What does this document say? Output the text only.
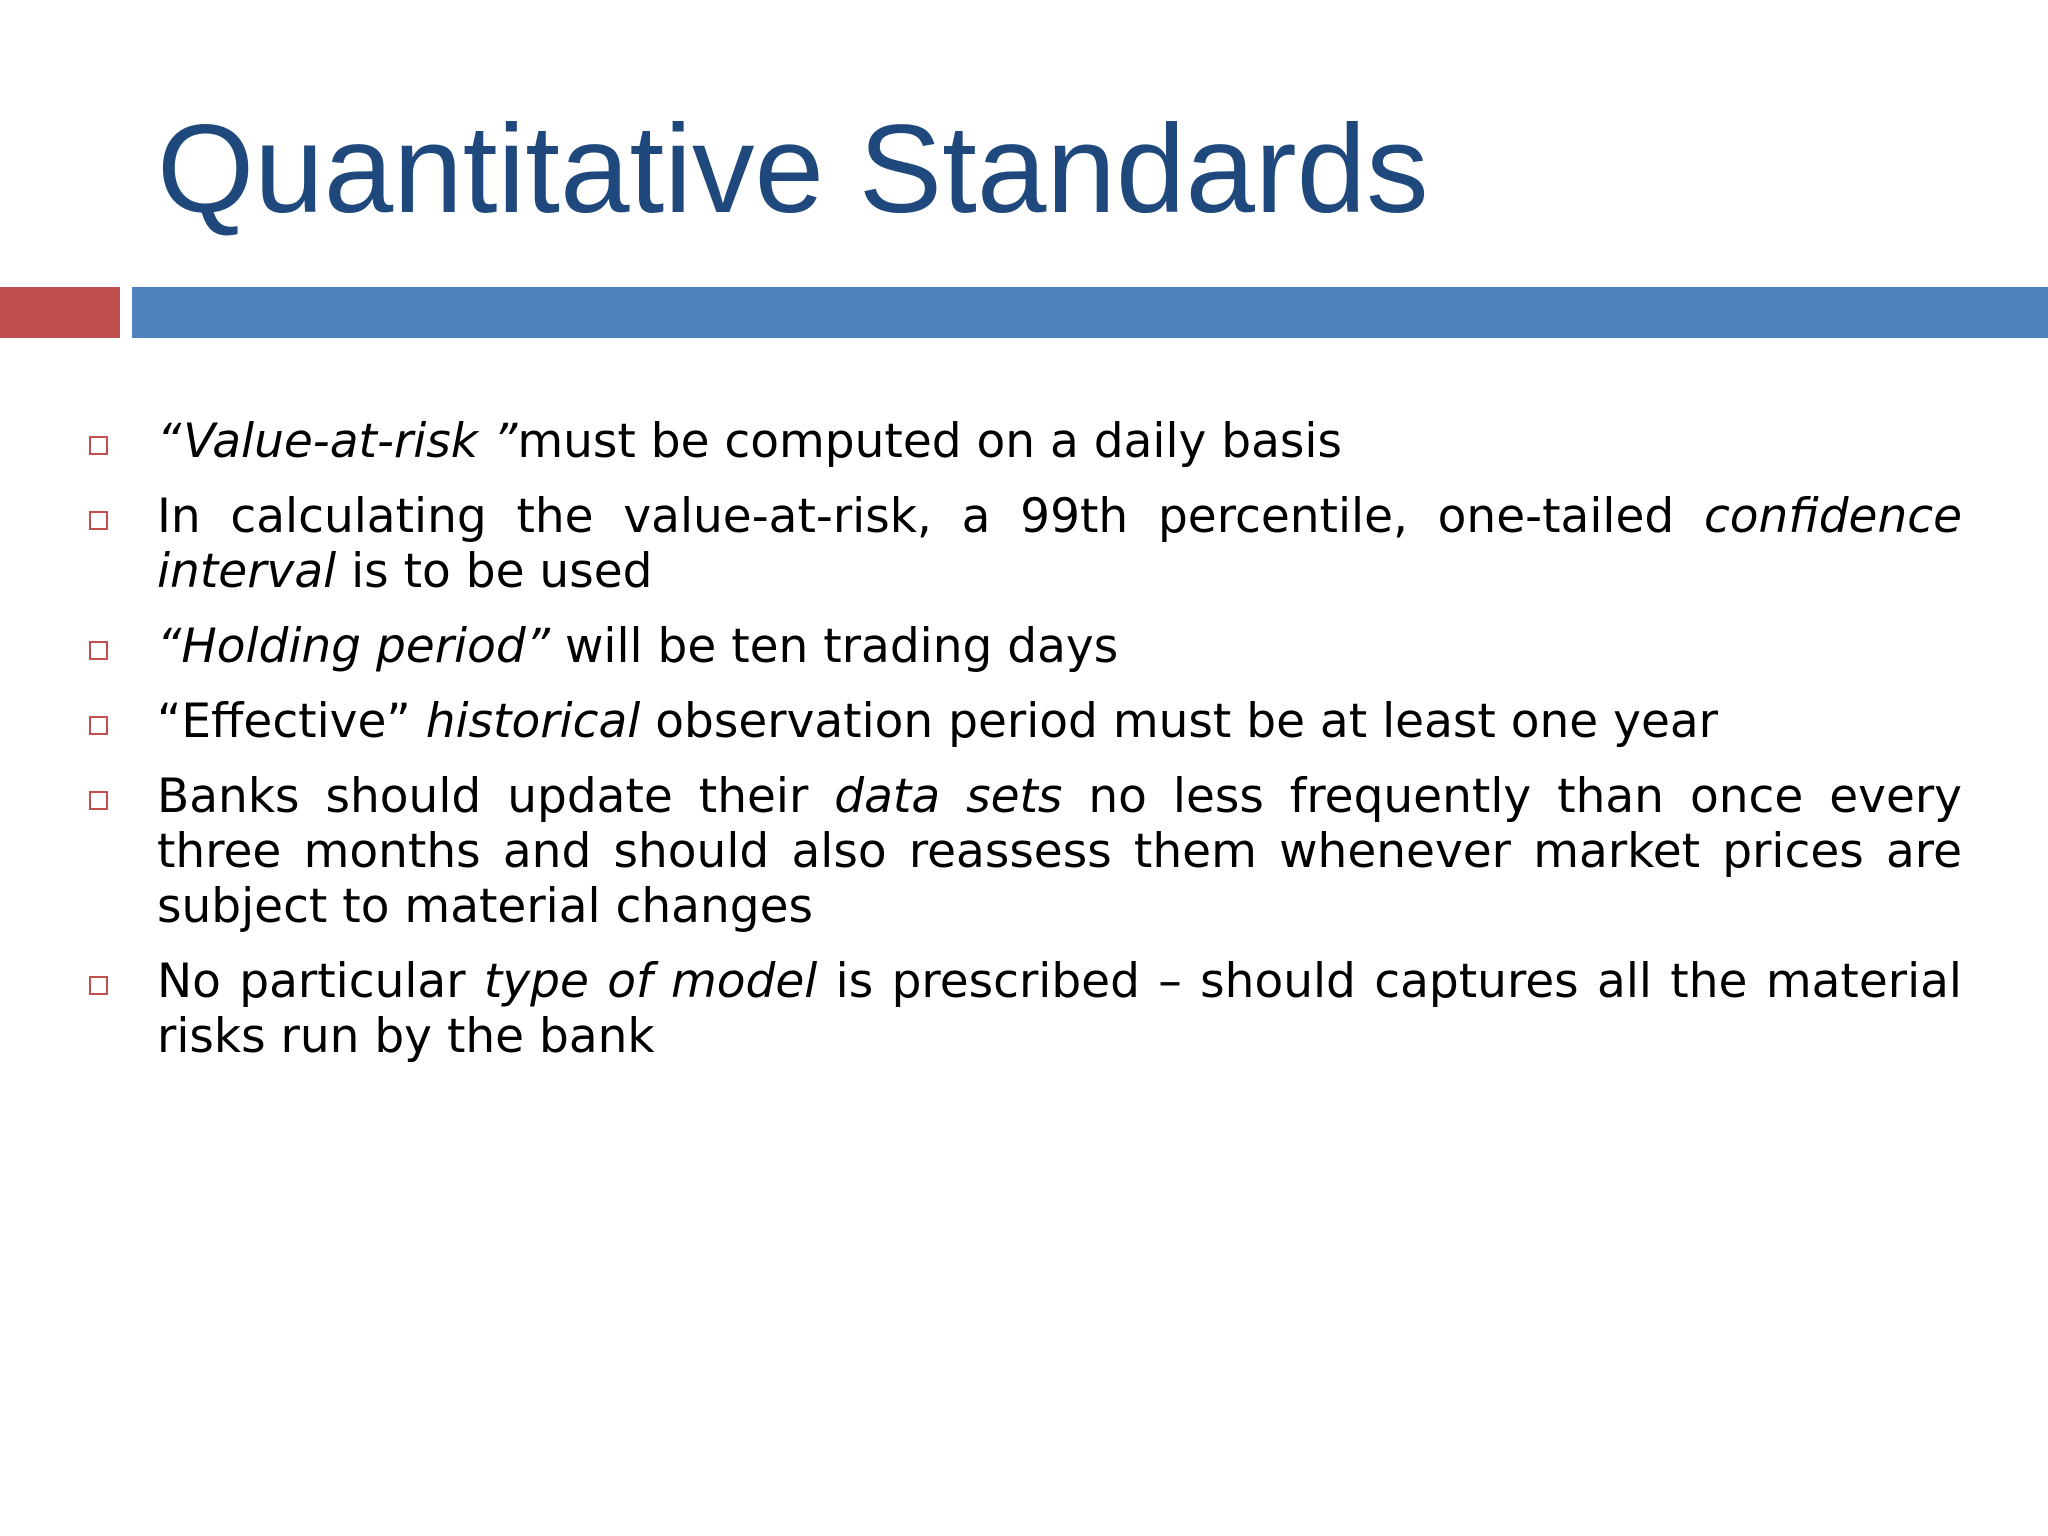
Quantitative Standards
“Value-at-risk ”must be computed on a daily basis
In calculating the value-at-risk, a 99th percentile, one-tailed confidence interval is to be used
“Holding period” will be ten trading days
“Effective” historical observation period must be at least one year
Banks should update their data sets no less frequently than once every three months and should also reassess them whenever market prices are subject to material changes
No particular type of model is prescribed – should captures all the material risks run by the bank
